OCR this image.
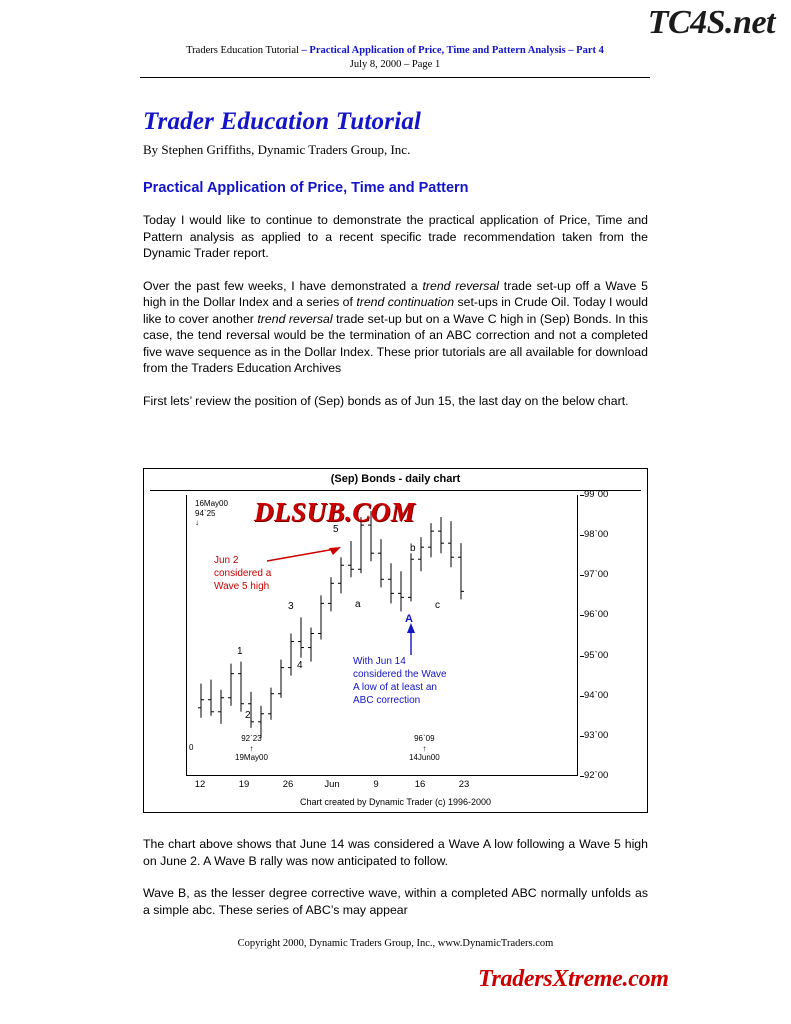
TC4S.net
Traders Education Tutorial – Practical Application of Price, Time and Pattern Analysis – Part 4
July 8, 2000 – Page 1
Trader Education Tutorial

By Stephen Griffiths, Dynamic Traders Group, Inc.

Practical Application of Price, Time and Pattern

Today I would like to continue to demonstrate the practical application of Price, Time and Pattern analysis as applied to a recent specific trade recommendation taken from the Dynamic Trader report.

Over the past few weeks, I have demonstrated a trend reversal trade set-up off a Wave 5 high in the Dollar Index and a series of trend continuation set-ups in Crude Oil. Today I would like to cover another trend reversal trade set-up but on a Wave C high in (Sep) Bonds. In this case, the tend reversal would be the termination of an ABC correction and not a completed five wave sequence as in the Dollar Index. These prior tutorials are all available for download from the Traders Education Archives

First lets’ review the position of (Sep) bonds as of Jun 15, the last day on the below chart.

(Sep) Bonds - daily chart
16May00
94`25
↓
92`23
↑
19May00
96`09
↑
14Jun00
0
1
2
3
4
5
a
b
c
A
Jun 2
considered a
Wave 5 high
With Jun 14
considered the Wave
A low of at least an
ABC correction
DLSUB.COM
99`00
98`00
97`00
96`00
95`00
94`00
93`00
92`00
12	19	26	Jun	9	16	23
Chart created by Dynamic Trader (c) 1996-2000

The chart above shows that June 14 was considered a Wave A low following a Wave 5 high on June 2. A Wave B rally was now anticipated to follow.

Wave B, as the lesser degree corrective wave, within a completed ABC normally unfolds as a simple abc. These series of ABC’s may appear

Copyright 2000, Dynamic Traders Group, Inc., www.DynamicTraders.com
TradersXtreme.com
